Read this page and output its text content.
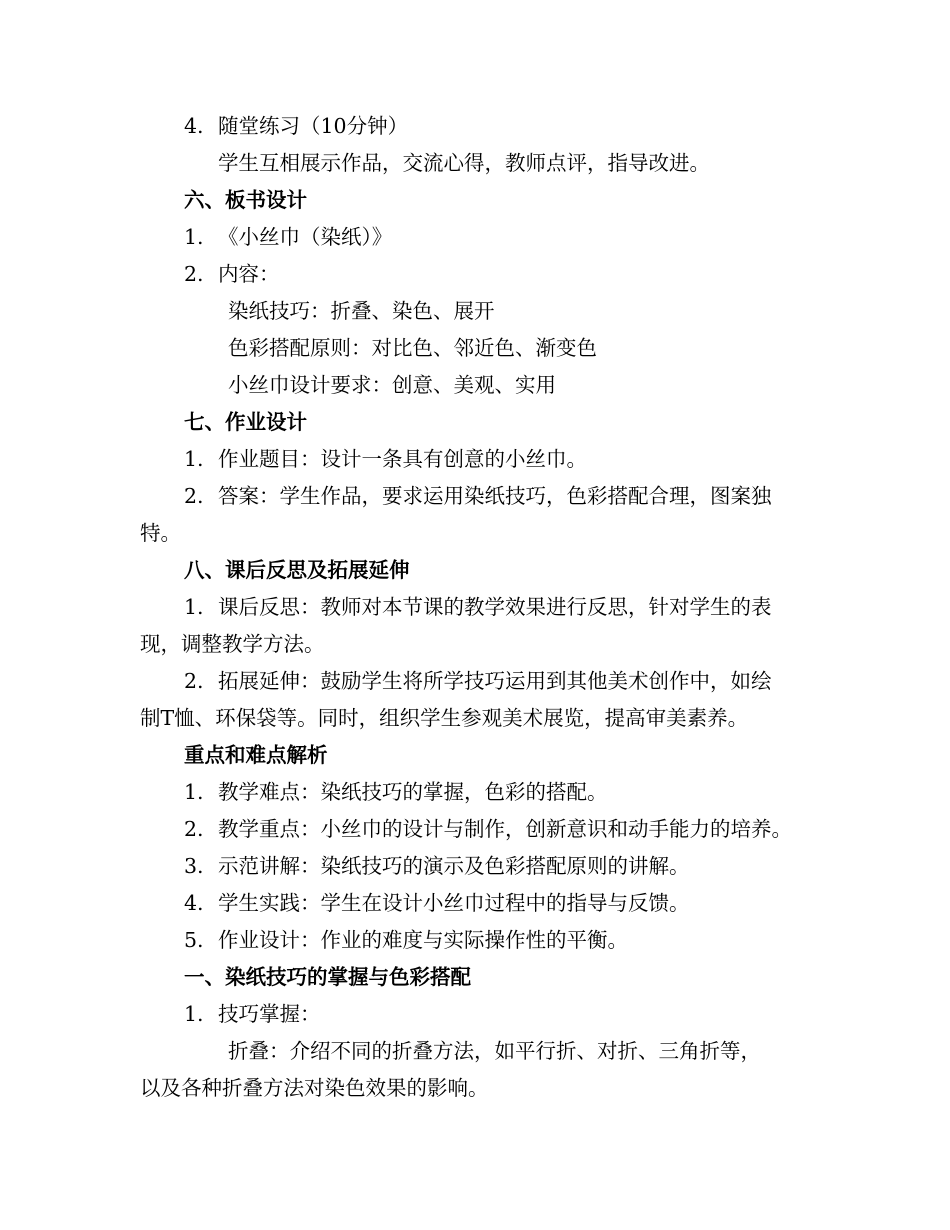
4. 随堂练习（10分钟）

学生互相展示作品，交流心得，教师点评，指导改进。

六、板书设计

1. 《小丝巾（染纸）》

2. 内容：

染纸技巧：折叠、染色、展开

色彩搭配原则：对比色、邻近色、渐变色

小丝巾设计要求：创意、美观、实用

七、作业设计

1. 作业题目：设计一条具有创意的小丝巾。

2. 答案：学生作品，要求运用染纸技巧，色彩搭配合理，图案独

特。

八、课后反思及拓展延伸

1. 课后反思：教师对本节课的教学效果进行反思，针对学生的表

现，调整教学方法。

2. 拓展延伸：鼓励学生将所学技巧运用到其他美术创作中，如绘

制T恤、环保袋等。同时，组织学生参观美术展览，提高审美素养。

重点和难点解析

1. 教学难点：染纸技巧的掌握，色彩的搭配。

2. 教学重点：小丝巾的设计与制作，创新意识和动手能力的培养。

3. 示范讲解：染纸技巧的演示及色彩搭配原则的讲解。

4. 学生实践：学生在设计小丝巾过程中的指导与反馈。

5. 作业设计：作业的难度与实际操作性的平衡。

一、染纸技巧的掌握与色彩搭配

1. 技巧掌握：

折叠：介绍不同的折叠方法，如平行折、对折、三角折等，

以及各种折叠方法对染色效果的影响。
